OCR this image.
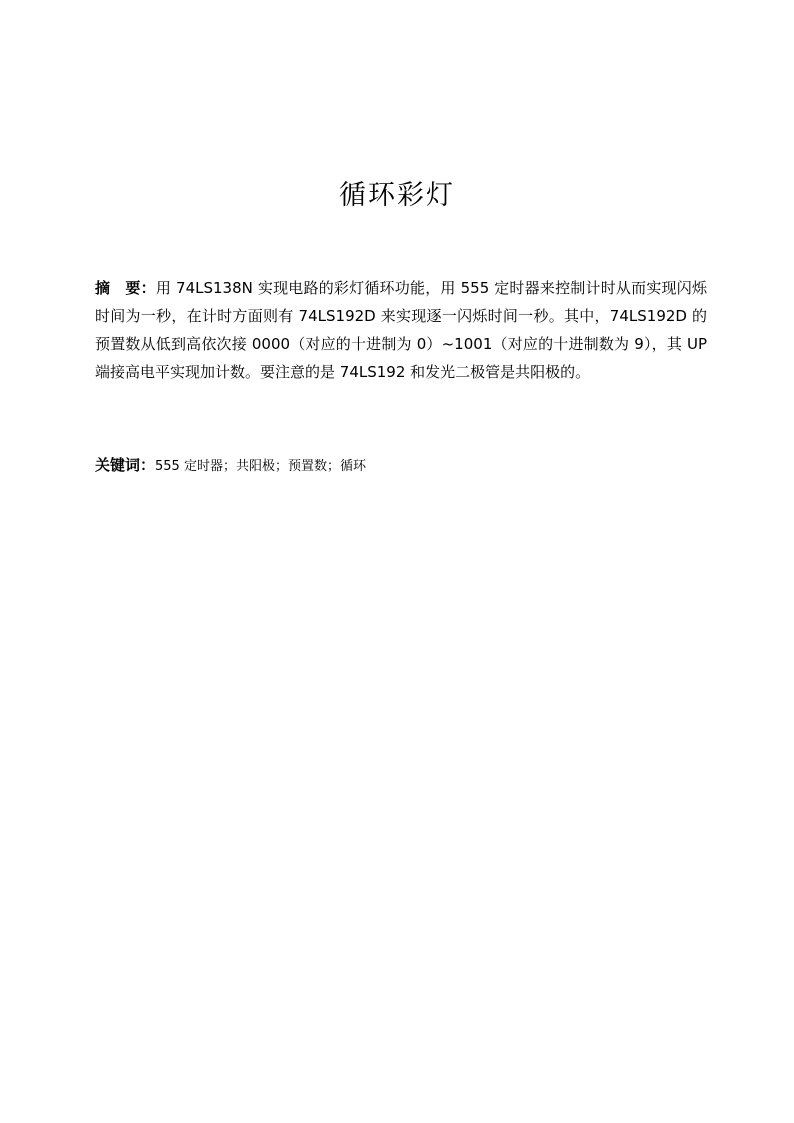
循环彩灯
摘　要：用 74LS138N 实现电路的彩灯循环功能，用 555 定时器来控制计时从而实现闪烁时间为一秒，在计时方面则有 74LS192D 来实现逐一闪烁时间一秒。其中，74LS192D 的预置数从低到高依次接 0000（对应的十进制为 0）~1001（对应的十进制数为 9），其 UP 端接高电平实现加计数。要注意的是 74LS192 和发光二极管是共阳极的。
关键词：555 定时器；共阳极；预置数；循环
